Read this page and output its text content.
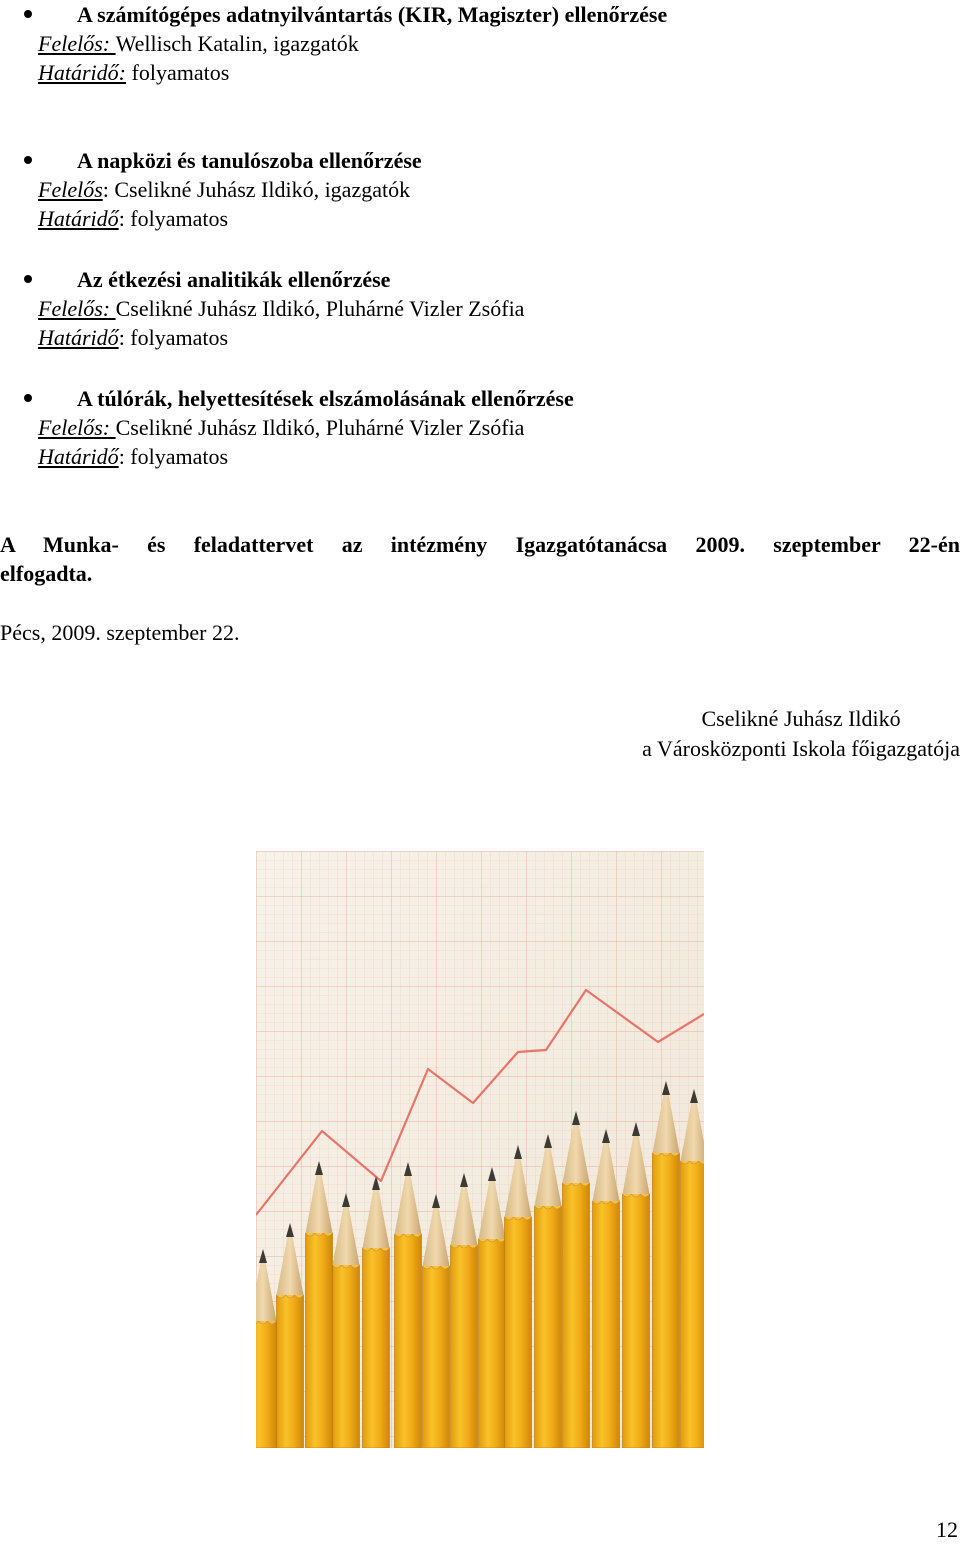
A számítógépes adatnyilvántartás (KIR, Magiszter) ellenőrzése
Felelős: Wellisch Katalin, igazgatók
Határidő: folyamatos
A napközi és tanulószoba ellenőrzése
Felelős: Cselikné Juhász Ildikó, igazgatók
Határidő: folyamatos
Az étkezési analitikák ellenőrzése
Felelős: Cselikné Juhász Ildikó, Pluhárné Vizler Zsófia
Határidő: folyamatos
A túlórák, helyettesítések elszámolásának ellenőrzése
Felelős: Cselikné Juhász Ildikó, Pluhárné Vizler Zsófia
Határidő: folyamatos
A Munka- és feladattervet az intézmény Igazgatótanácsa 2009. szeptember 22-én
elfogadta.
Pécs, 2009. szeptember 22.
Cselikné Juhász Ildikó
a Városközponti Iskola főigazgatója
12
